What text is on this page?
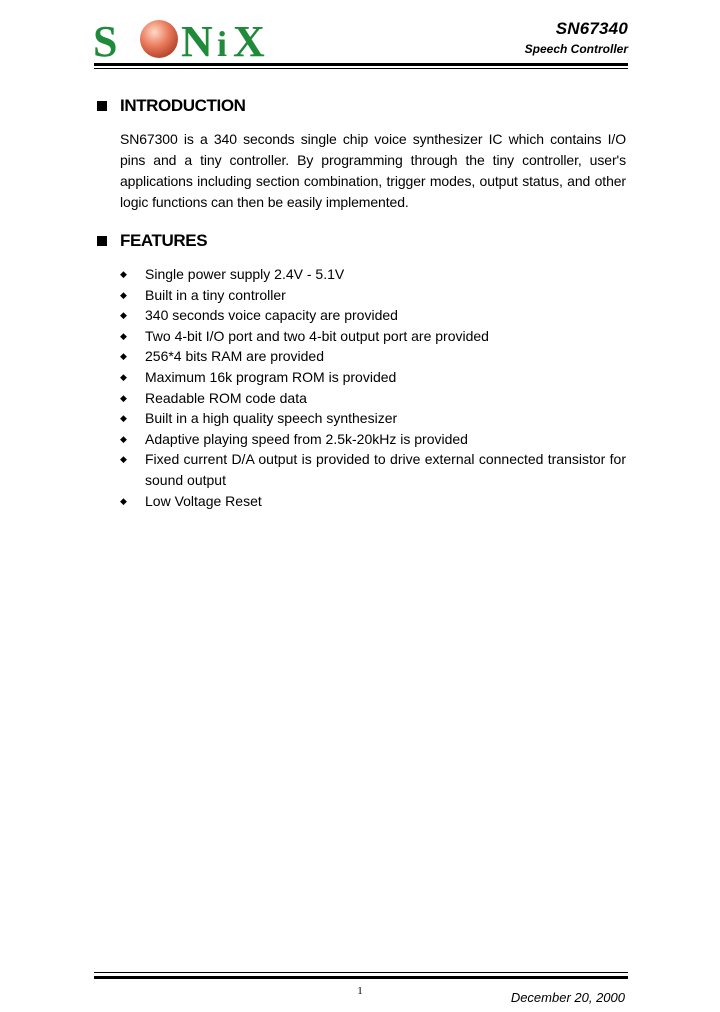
S N i X	SN67340
Speech Controller
INTRODUCTION

SN67300 is a 340 seconds single chip voice synthesizer IC which contains I/O pins and a tiny controller. By programming through the tiny controller, user's applications including section combination, trigger modes, output status, and other logic functions can then be easily implemented.

FEATURES
◆	Single power supply 2.4V - 5.1V
◆	Built in a tiny controller
◆	340 seconds voice capacity are provided
◆	Two 4-bit I/O port and two 4-bit output port are provided
◆	256*4 bits RAM are provided
◆	Maximum 16k program ROM is provided
◆	Readable ROM code data
◆	Built in a high quality speech synthesizer
◆	Adaptive playing speed from 2.5k-20kHz is provided
◆	Fixed current D/A output is provided to drive external connected transistor for sound output
◆	Low Voltage Reset
1	December 20, 2000
